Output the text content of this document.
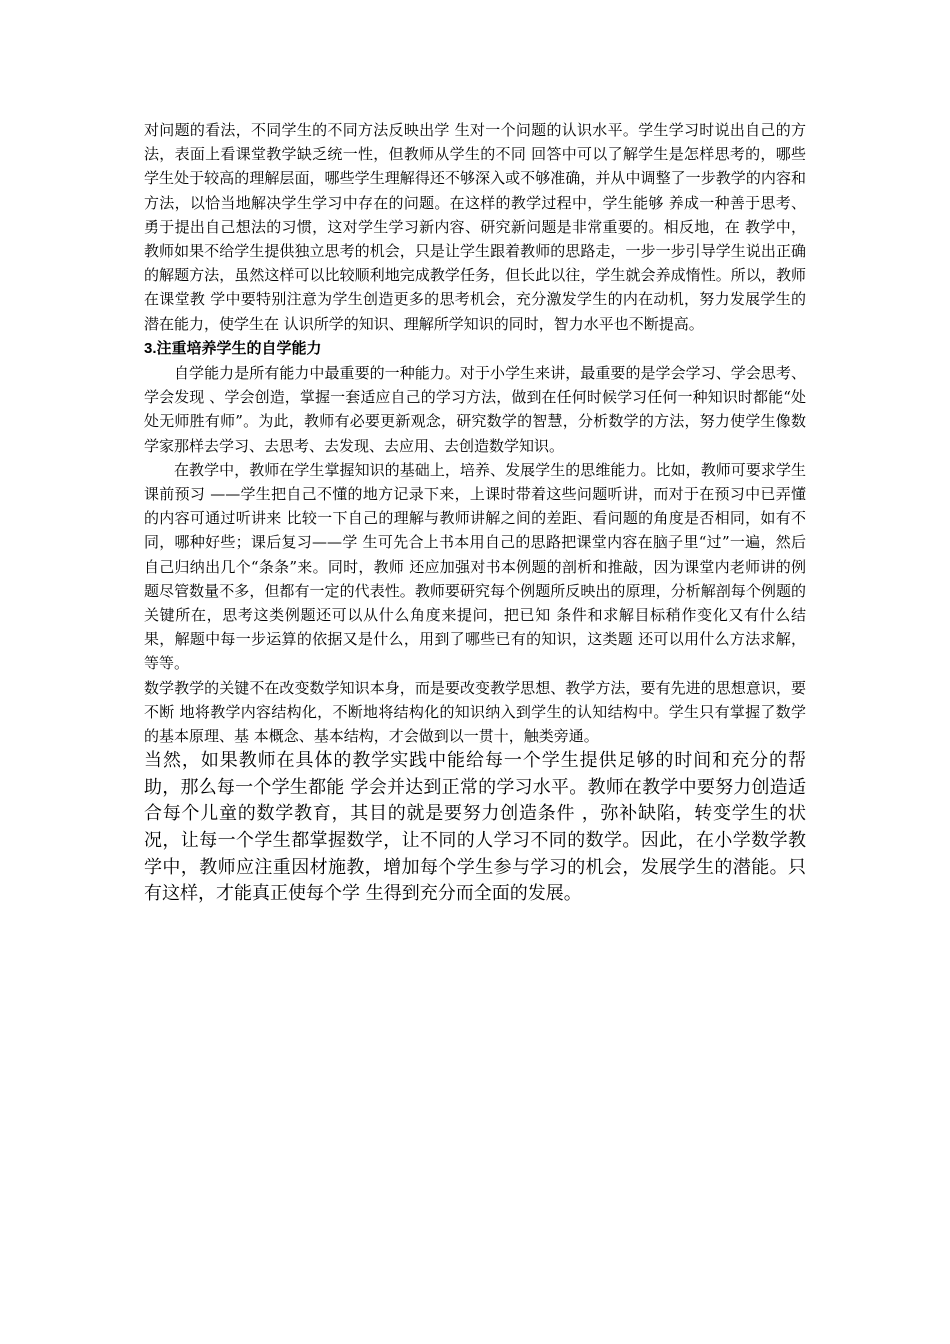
对问题的看法，不同学生的不同方法反映出学 生对一个问题的认识水平。学生学习时说出自己的方法，表面上看课堂教学缺乏统一性，但教师从学生的不同 回答中可以了解学生是怎样思考的，哪些学生处于较高的理解层面，哪些学生理解得还不够深入或不够准确，并从中调整了一步教学的内容和方法，以恰当地解决学生学习中存在的问题。在这样的教学过程中，学生能够 养成一种善于思考、勇于提出自己想法的习惯，这对学生学习新内容、研究新问题是非常重要的。相反地，在 教学中，教师如果不给学生提供独立思考的机会，只是让学生跟着教师的思路走，一步一步引导学生说出正确 的解题方法，虽然这样可以比较顺利地完成教学任务，但长此以往，学生就会养成惰性。所以，教师在课堂教 学中要特别注意为学生创造更多的思考机会，充分激发学生的内在动机，努力发展学生的潜在能力，使学生在 认识所学的知识、理解所学知识的同时，智力水平也不断提高。

3.注重培养学生的自学能力

自学能力是所有能力中最重要的一种能力。对于小学生来讲，最重要的是学会学习、学会思考、学会发现 、学会创造，掌握一套适应自己的学习方法，做到在任何时候学习任何一种知识时都能“处处无师胜有师”。为此，教师有必要更新观念，研究数学的智慧，分析数学的方法，努力使学生像数学家那样去学习、去思考、去发现、去应用、去创造数学知识。

在教学中，教师在学生掌握知识的基础上，培养、发展学生的思维能力。比如，教师可要求学生课前预习 ——学生把自己不懂的地方记录下来，上课时带着这些问题听讲，而对于在预习中已弄懂的内容可通过听讲来 比较一下自己的理解与教师讲解之间的差距、看问题的角度是否相同，如有不同，哪种好些；课后复习——学 生可先合上书本用自己的思路把课堂内容在脑子里“过”一遍，然后自己归纳出几个“条条”来。同时，教师 还应加强对书本例题的剖析和推敲，因为课堂内老师讲的例题尽管数量不多，但都有一定的代表性。教师要研究每个例题所反映出的原理，分析解剖每个例题的关键所在，思考这类例题还可以从什么角度来提问，把已知 条件和求解目标稍作变化又有什么结果，解题中每一步运算的依据又是什么，用到了哪些已有的知识，这类题 还可以用什么方法求解，等等。

数学教学的关键不在改变数学知识本身，而是要改变教学思想、教学方法，要有先进的思想意识，要不断 地将教学内容结构化，不断地将结构化的知识纳入到学生的认知结构中。学生只有掌握了数学的基本原理、基 本概念、基本结构，才会做到以一贯十，触类旁通。

当然，如果教师在具体的教学实践中能给每一个学生提供足够的时间和充分的帮助，那么每一个学生都能 学会并达到正常的学习水平。教师在教学中要努力创造适合每个儿童的数学教育，其目的就是要努力创造条件 ，弥补缺陷，转变学生的状况，让每一个学生都掌握数学，让不同的人学习不同的数学。因此，在小学数学教 学中，教师应注重因材施教，增加每个学生参与学习的机会，发展学生的潜能。只有这样，才能真正使每个学 生得到充分而全面的发展。
